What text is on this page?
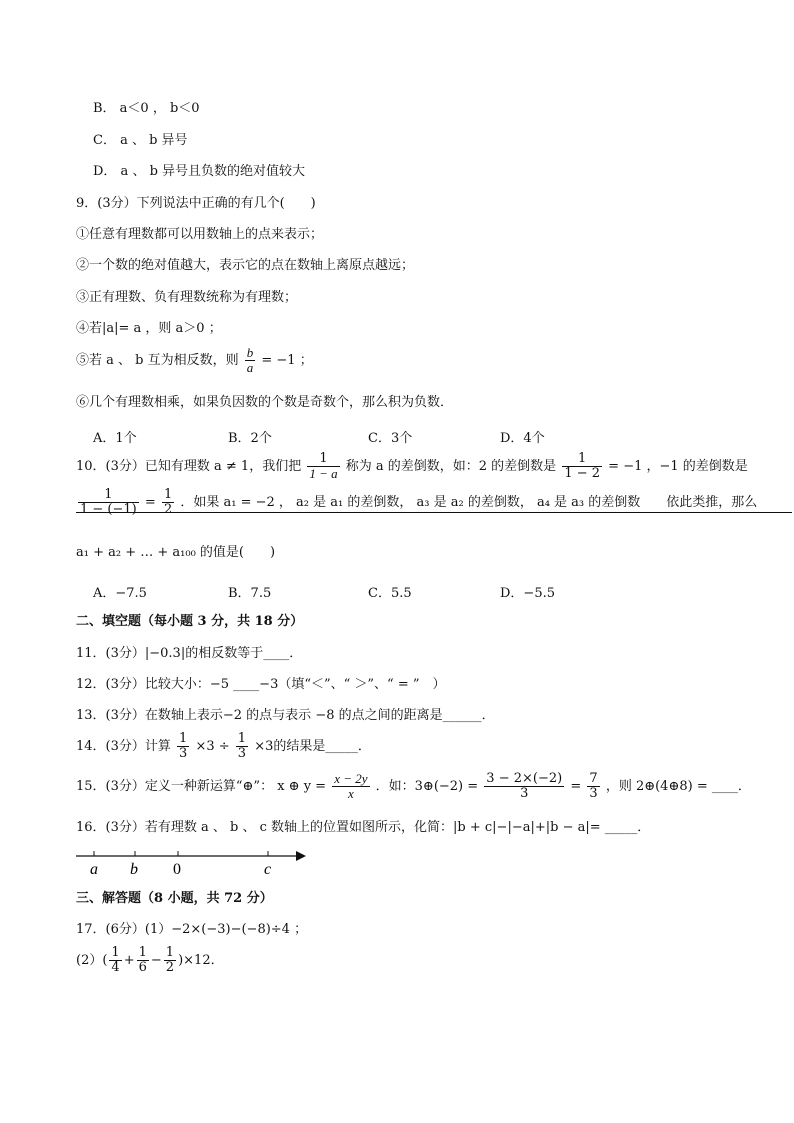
B． a＜0 ， b＜0
C． a 、 b 异号
D． a 、 b 异号且负数的绝对值较大
9．(3分）下列说法中正确的有几个(　　)
①任意有理数都可以用数轴上的点来表示；
②一个数的绝对值越大，表示它的点在数轴上离原点越远；
③正有理数、负有理数统称为有理数；
④若|a|= a ，则 a＞0 ；
⑤若 a 、 b 互为相反数，则 $\frac{b}{a} = -1$ ；
⑥几个有理数相乘，如果负因数的个数是奇数个，那么积为负数．
A．1个	B．2个	C．3个	D．4个
10．(3分）已知有理数 a ≠ 1，我们把 $\frac{1}{1 - a}$ 称为 a 的差倒数，如：2 的差倒数是 $\frac{1}{1 - 2} = -1$ ，−1 的差倒数是
$\frac{1}{1 - (-1)} = \frac{1}{2}$ ．如果 a₁ = −2 ， a₂ 是 a₁ 的差倒数， a₃ 是 a₂ 的差倒数， a₄ 是 a₃ 的差倒数　　依此类推，那么
a₁ + a₂ + … + a₁₀₀ 的值是(　　)
A．−7.5	B．7.5	C．5.5	D．−5.5
二、填空题（每小题 3 分，共 18 分）
11．(3分）|−0.3|的相反数等于____．
12．(3分）比较大小：−5 ____−3（填“＜”、“ ＞”、“ = ”　）
13．(3分）在数轴上表示−2 的点与表示 −8 的点之间的距离是______．
14．(3分）计算 $\frac{1}{3} \times 3 \div \frac{1}{3} \times 3$的结果是_____．
15．(3分）定义一种新运算“⊕”： x ⊕ $y = \frac{x - 2y}{x}$ ．如：3⊕(−2) = $\frac{3 - 2\times(-2)}{3} = \frac{7}{3}$ ，则 2⊕(4⊕8) = ____．
16．(3分）若有理数 a 、 b 、 c 数轴上的位置如图所示，化简：|b + c|−|−a|+|b − a|= _____．
a b 0	c
三、解答题（8 小题，共 72 分）
17．(6分）(1）−2×(−3)−(−8)÷4 ；
$(2)( \frac{1}{4} + \frac{1}{6} - \frac{1}{2} )\times 12$．
